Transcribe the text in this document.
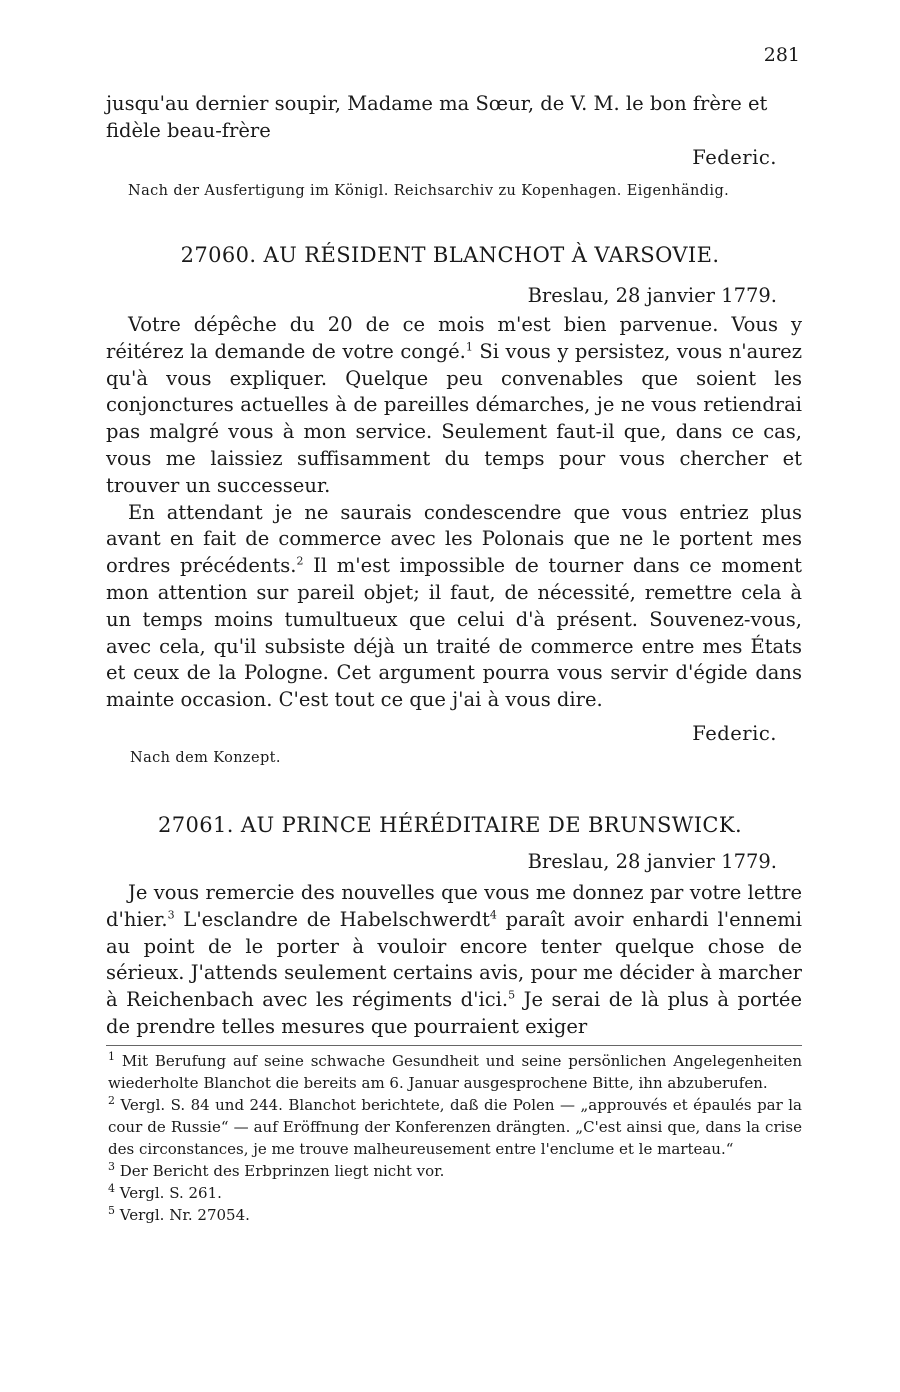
281
jusqu'au dernier soupir, Madame ma Sœur, de V. M. le bon frère et fidèle beau-frère
Federic.
Nach der Ausfertigung im Königl. Reichsarchiv zu Kopenhagen. Eigenhändig.
27060. AU RÉSIDENT BLANCHOT À VARSOVIE.
Breslau, 28 janvier 1779.

Votre dépêche du 20 de ce mois m'est bien parvenue. Vous y réitérez la demande de votre congé.$^1$ Si vous y persistez, vous n'aurez qu'à vous expliquer. Quelque peu convenables que soient les conjonctures actuelles à de pareilles démarches, je ne vous retiendrai pas malgré vous à mon service. Seulement faut-il que, dans ce cas, vous me laissiez suffisamment du temps pour vous chercher et trouver un successeur.

En attendant je ne saurais condescendre que vous entriez plus avant en fait de commerce avec les Polonais que ne le portent mes ordres précédents.$^2$ Il m'est impossible de tourner dans ce moment mon attention sur pareil objet; il faut, de nécessité, remettre cela à un temps moins tumultueux que celui d'à présent. Souvenez-vous, avec cela, qu'il subsiste déjà un traité de commerce entre mes États et ceux de la Pologne. Cet argument pourra vous servir d'égide dans mainte occasion. C'est tout ce que j'ai à vous dire.

Federic.
Nach dem Konzept.
27061. AU PRINCE HÉRÉDITAIRE DE BRUNSWICK.
Breslau, 28 janvier 1779.

Je vous remercie des nouvelles que vous me donnez par votre lettre d'hier.$^3$ L'esclandre de Habelschwerdt$^4$ paraît avoir enhardi l'ennemi au point de le porter à vouloir encore tenter quelque chose de sérieux. J'attends seulement certains avis, pour me décider à marcher à Reichenbach avec les régiments d'ici.$^5$ Je serai de là plus à portée de prendre telles mesures que pourraient exiger

$^1$ Mit Berufung auf seine schwache Gesundheit und seine persönlichen Angelegenheiten wiederholte Blanchot die bereits am 6. Januar ausgesprochene Bitte, ihn abzuberufen.

$^2$ Vergl. S. 84 und 244. Blanchot berichtete, daß die Polen — „approuvés et épaulés par la cour de Russie“ — auf Eröffnung der Konferenzen drängten. „C'est ainsi que, dans la crise des circonstances, je me trouve malheureusement entre l'enclume et le marteau.“

$^3$ Der Bericht des Erbprinzen liegt nicht vor.

$^4$ Vergl. S. 261.

$^5$ Vergl. Nr. 27054.
